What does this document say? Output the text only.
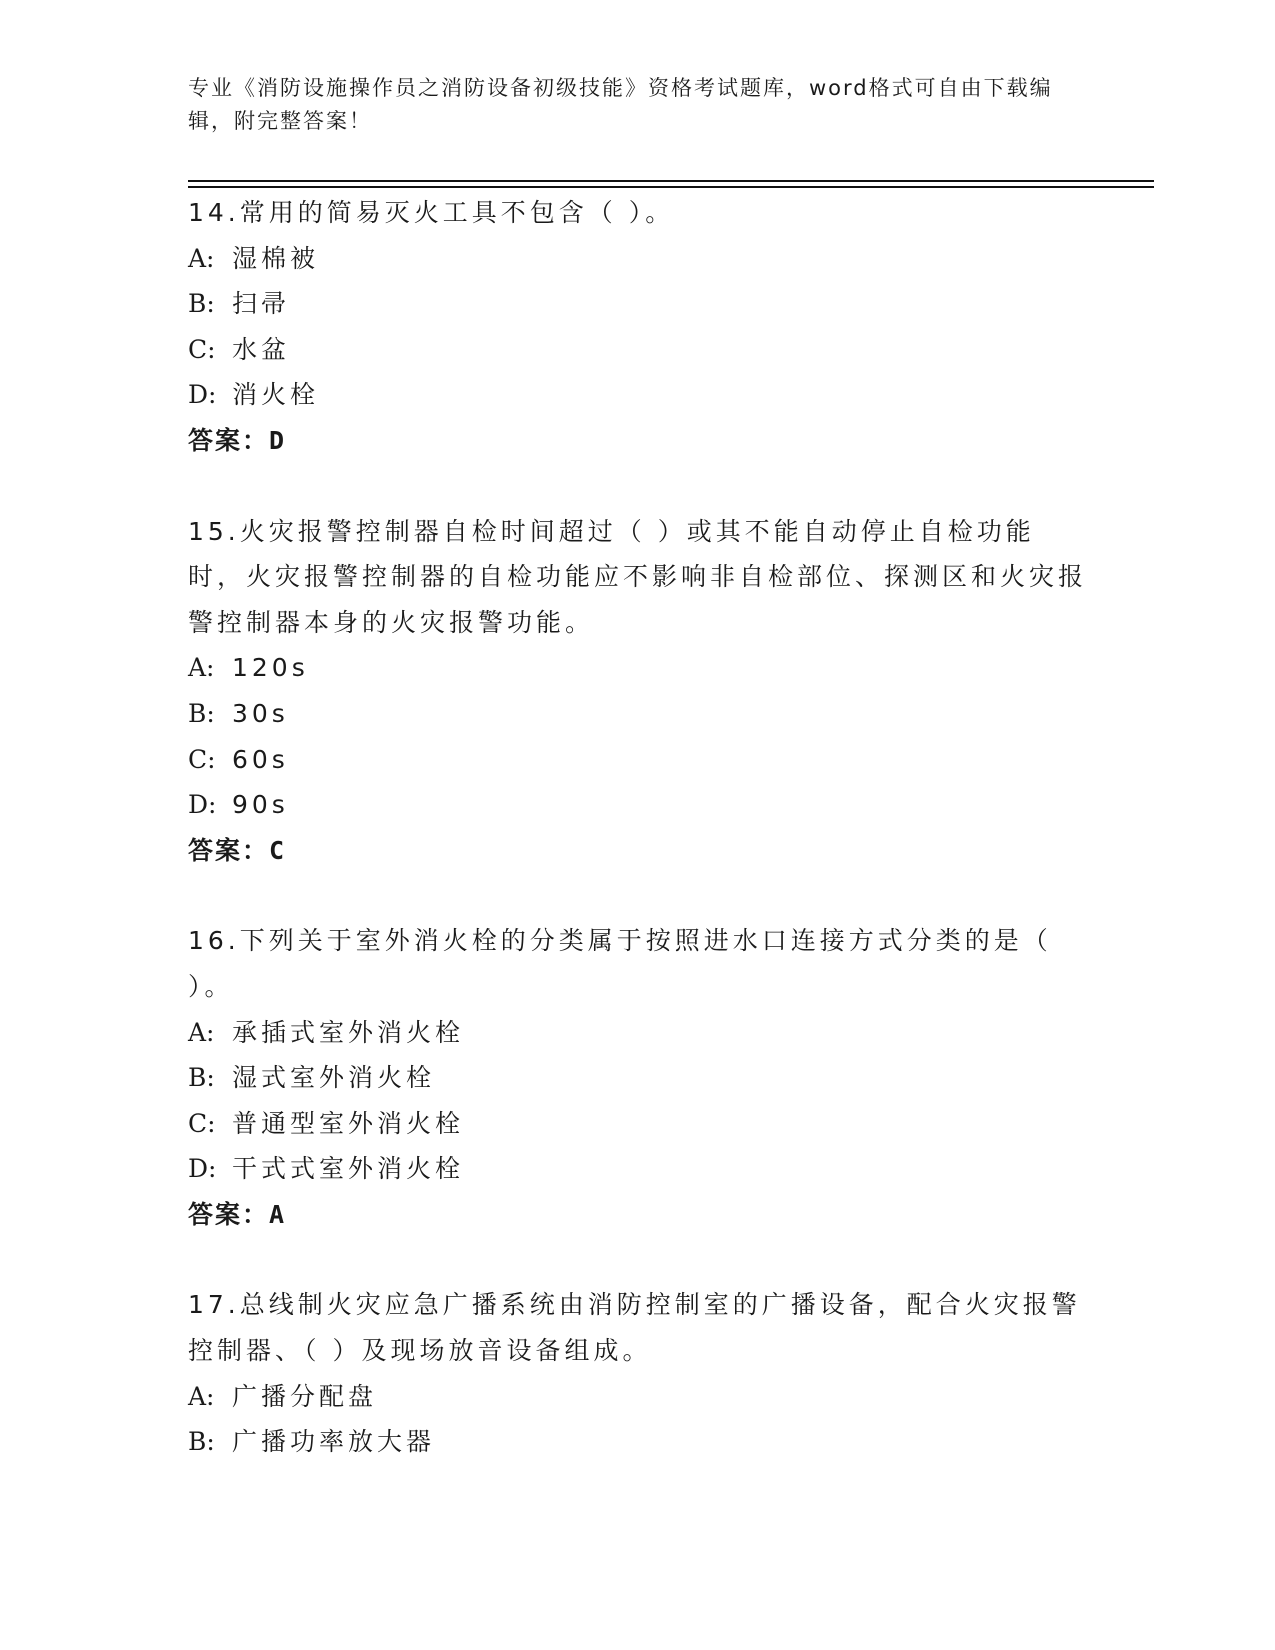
专业《消防设施操作员之消防设备初级技能》资格考试题库，word格式可自由下载编辑，附完整答案！

14.常用的简易灭火工具不包含（ ）。

A: 湿棉被

B: 扫帚

C: 水盆

D: 消火栓

答案： D

15.火灾报警控制器自检时间超过（ ）或其不能自动停止自检功能时，火灾报警控制器的自检功能应不影响非自检部位、探测区和火灾报警控制器本身的火灾报警功能。

A: 120s

B: 30s

C: 60s

D: 90s

答案： C

16.下列关于室外消火栓的分类属于按照进水口连接方式分类的是（ ）。

A: 承插式室外消火栓

B: 湿式室外消火栓

C: 普通型室外消火栓

D: 干式式室外消火栓

答案： A

17.总线制火灾应急广播系统由消防控制室的广播设备，配合火灾报警控制器、（ ）及现场放音设备组成。

A: 广播分配盘

B: 广播功率放大器
